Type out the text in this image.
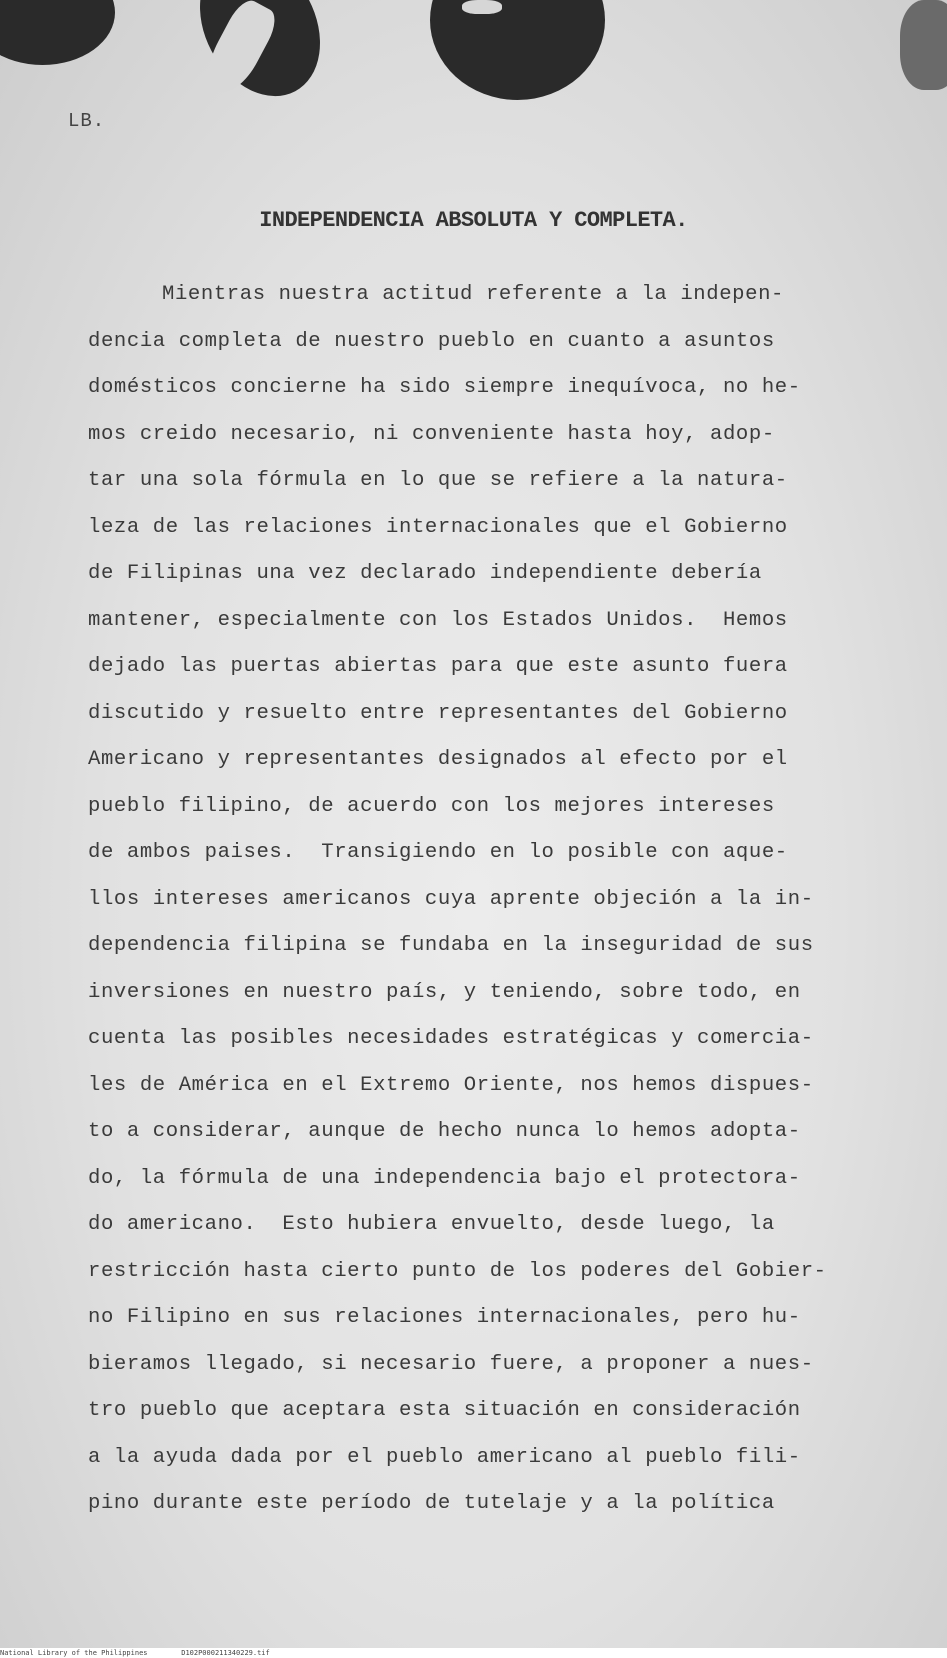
LB.
INDEPENDENCIA ABSOLUTA Y COMPLETA.
Mientras nuestra actitud referente a la indepen-
dencia completa de nuestro pueblo en cuanto a asuntos
domésticos concierne ha sido siempre inequívoca, no he-
mos creido necesario, ni conveniente hasta hoy, adop-
tar una sola fórmula en lo que se refiere a la natura-
leza de las relaciones internacionales que el Gobierno
de Filipinas una vez declarado independiente debería
mantener, especialmente con los Estados Unidos.  Hemos
dejado las puertas abiertas para que este asunto fuera
discutido y resuelto entre representantes del Gobierno
Americano y representantes designados al efecto por el
pueblo filipino, de acuerdo con los mejores intereses
de ambos paises.  Transigiendo en lo posible con aque-
llos intereses americanos cuya aprente objeción a la in-
dependencia filipina se fundaba en la inseguridad de sus
inversiones en nuestro país, y teniendo, sobre todo, en
cuenta las posibles necesidades estratégicas y comercia-
les de América en el Extremo Oriente, nos hemos dispues-
to a considerar, aunque de hecho nunca lo hemos adopta-
do, la fórmula de una independencia bajo el protectora-
do americano.  Esto hubiera envuelto, desde luego, la
restricción hasta cierto punto de los poderes del Gobier-
no Filipino en sus relaciones internacionales, pero hu-
bieramos llegado, si necesario fuere, a proponer a nues-
tro pueblo que aceptara esta situación en consideración
a la ayuda dada por el pueblo americano al pueblo fili-
pino durante este período de tutelaje y a la política
National Library of the Philippines	D102P000211340229.tif
